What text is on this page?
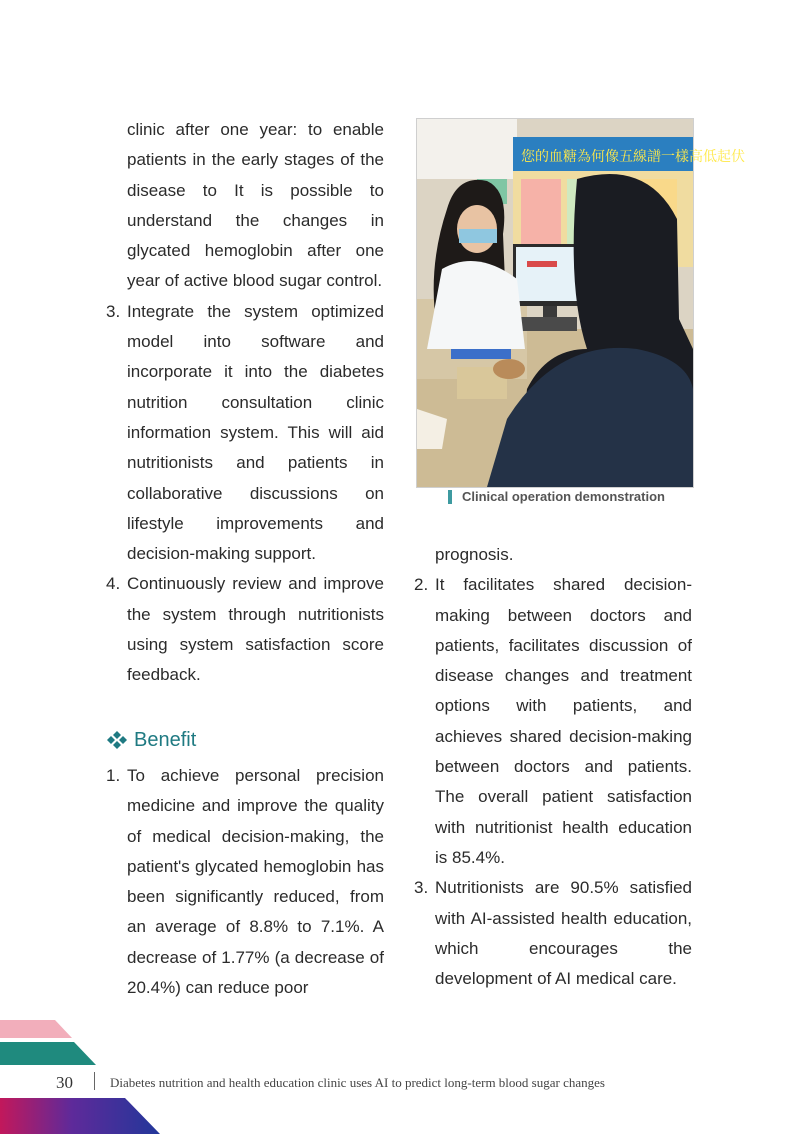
clinic after one year: to enable patients in the early stages of the disease to It is possible to understand the changes in glycated hemoglobin after one year of active blood sugar control.
3. Integrate the system optimized model into software and incorporate it into the diabetes nutrition consultation clinic information system. This will aid nutritionists and patients in collaborative discussions on lifestyle improvements and decision-making support.
4. Continuously review and improve the system through nutritionists using system satisfaction score feedback.
Benefit
1. To achieve personal precision medicine and improve the quality of medical decision-making, the patient's glycated hemoglobin has been significantly reduced, from an average of 8.8% to 7.1%. A decrease of 1.77% (a decrease of 20.4%) can reduce poor
您的血糖為何像五線譜一樣高低起伏
Clinical operation demonstration
prognosis.
2. It facilitates shared decision-making between doctors and patients, facilitates discussion of disease changes and treatment options with patients, and achieves shared decision-making between doctors and patients. The overall patient satisfaction with nutritionist health education is 85.4%.
3. Nutritionists are 90.5% satisfied with AI-assisted health education, which encourages the development of AI medical care.
30	Diabetes nutrition and health education clinic uses AI to predict long-term blood sugar changes
